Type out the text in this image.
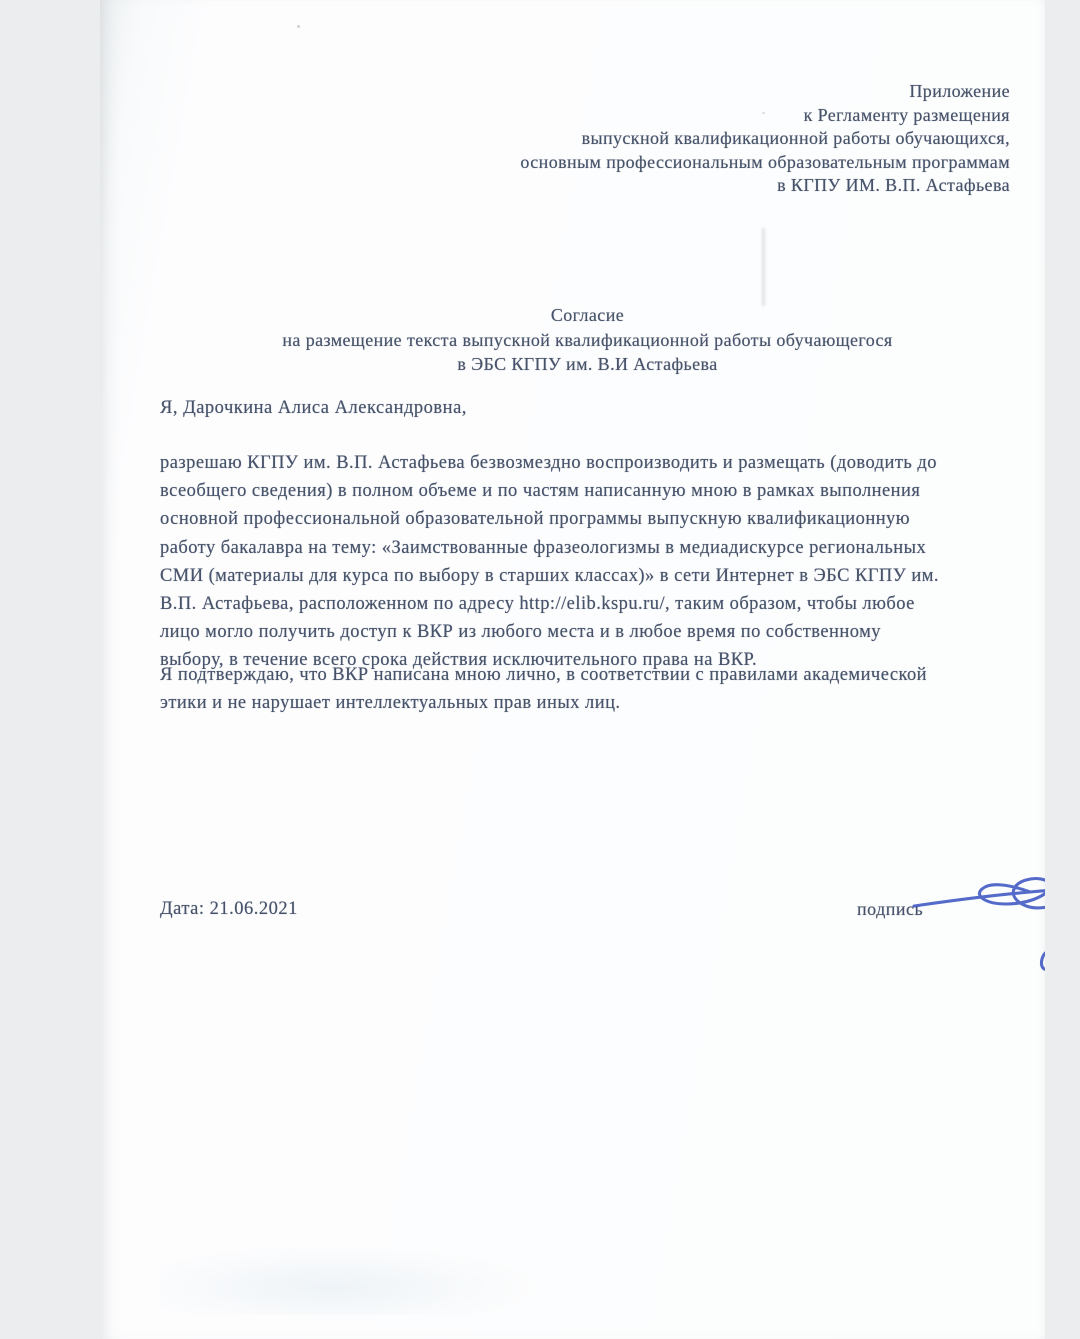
Приложение
к Регламенту размещения
выпускной квалификационной работы обучающихся,
основным профессиональным образовательным программам
в КГПУ ИМ. В.П. Астафьева
Согласие
на размещение текста выпускной квалификационной работы обучающегося
в ЭБС КГПУ им. В.И Астафьева
Я, Дарочкина Алиса Александровна,
разрешаю КГПУ им. В.П. Астафьева безвозмездно воспроизводить и размещать (доводить до
всеобщего сведения) в полном объеме и по частям написанную мною в рамках выполнения
основной профессиональной образовательной программы выпускную квалификационную
работу бакалавра на тему: «Заимствованные фразеологизмы в медиадискурсе региональных
СМИ (материалы для курса по выбору в старших классах)» в сети Интернет в ЭБС КГПУ им.
В.П. Астафьева, расположенном по адресу http://elib.kspu.ru/, таким образом, чтобы любое
лицо могло получить доступ к ВКР из любого места и в любое время по собственному
выбору, в течение всего срока действия исключительного права на ВКР.
Я подтверждаю, что ВКР написана мною лично, в соответствии с правилами академической
этики и не нарушает интеллектуальных прав иных лиц.
Дата: 21.06.2021	подпись
